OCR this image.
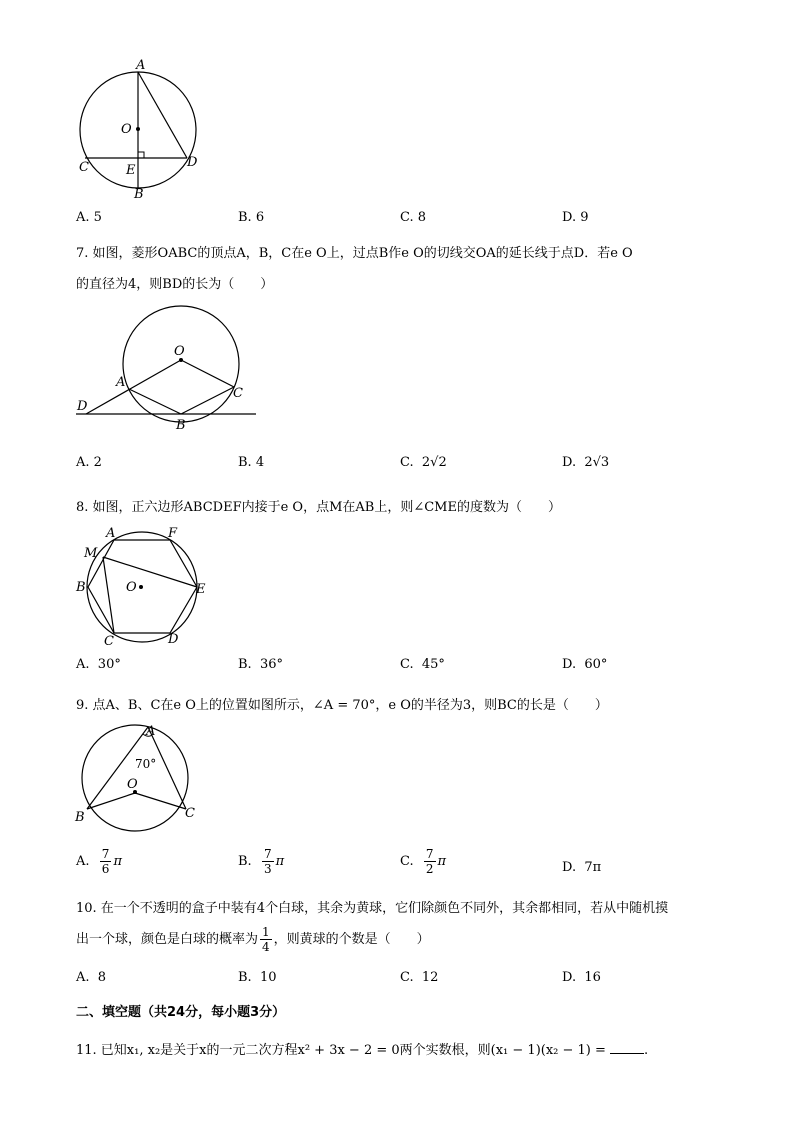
A
O
C	D
E
B
A. 5	B. 6	C. 8	D. 9
7. 如图，菱形OABC的顶点A，B，C在e O上，过点B作e O的切线交OA的延长线于点D．若e O
的直径为4，则BD的长为（　　）
O
A
C
D
B
A. 2	B. 4	C. 2√2	D. 2√3
8. 如图，正六边形ABCDEF内接于e O，点M在AB上，则∠CME的度数为（　　）
A	F
M
B	O	E
C	D
A. 30°	B. 36°	C. 45°	D. 60°
9. 点A、B、C在e O上的位置如图所示，∠A = 70°，e O的半径为3，则BC的长是（　　）
A
70°
O
B	C
A. $\frac{7}{6}$ π	B. $\frac{7}{3}$ π	C. $\frac{7}{2}$ π	D. 7π
10. 在一个不透明的盒子中装有4个白球，其余为黄球，它们除颜色不同外，其余都相同，若从中随机摸
出一个球，颜色是白球的概率为 $\frac{1}{4}$ ，则黄球的个数是（　　）
A. 8	B. 10	C. 12	D. 16
二、填空题（共24分，每小题3分）
11. 已知x₁, x₂是关于x的一元二次方程x² + 3x − 2 = 0两个实数根，则(x₁ − 1)(x₂ − 1) =	.
